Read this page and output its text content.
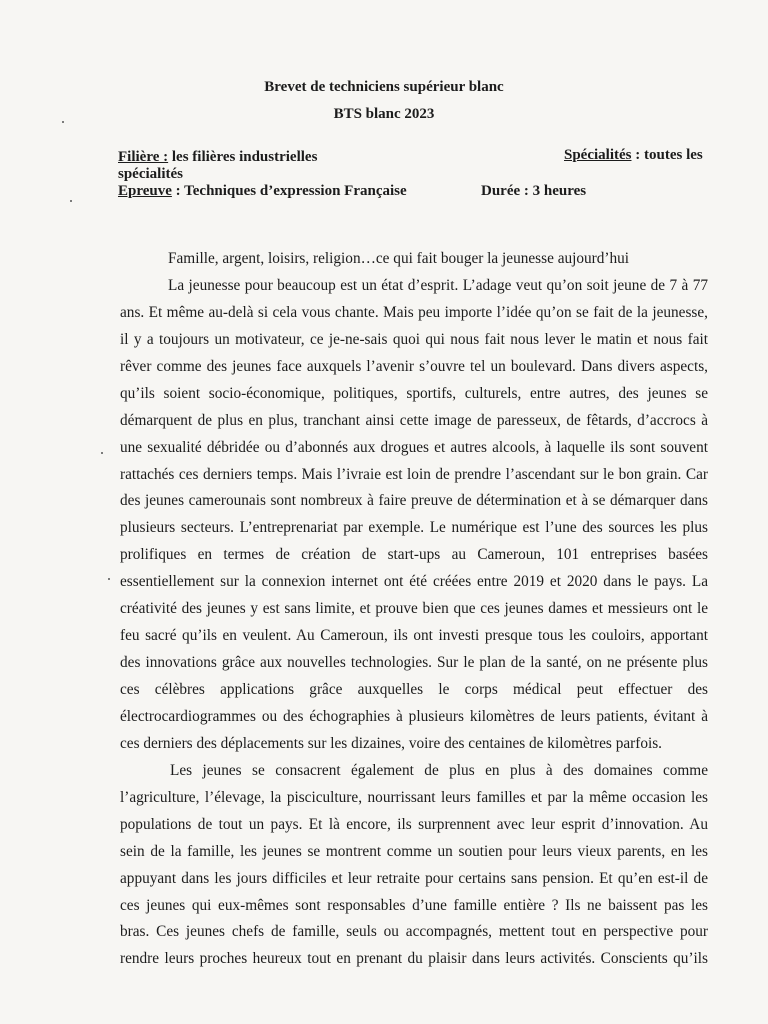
Brevet de techniciens supérieur blanc
BTS blanc 2023
Filière : les filières industrielles	Spécialités : toutes les
spécialités
Epreuve : Techniques d’expression Française	Durée : 3 heures
Famille, argent, loisirs, religion…ce qui fait bouger la jeunesse aujourd’hui
La jeunesse pour beaucoup est un état d’esprit. L’adage veut qu’on soit jeune de 7 à 77
ans. Et même au-delà si cela vous chante. Mais peu importe l’idée qu’on se fait de la jeunesse,
il y a toujours un motivateur, ce je-ne-sais quoi qui nous fait nous lever le matin et nous fait
rêver comme des jeunes face auxquels l’avenir s’ouvre tel un boulevard. Dans divers aspects,
qu’ils soient socio-économique, politiques, sportifs, culturels, entre autres, des jeunes se
démarquent de plus en plus, tranchant ainsi cette image de paresseux, de fêtards, d’accrocs à
une sexualité débridée ou d’abonnés aux drogues et autres alcools, à laquelle ils sont souvent
rattachés ces derniers temps. Mais l’ivraie est loin de prendre l’ascendant sur le bon grain. Car
des jeunes camerounais sont nombreux à faire preuve de détermination et à se démarquer dans
plusieurs secteurs. L’entreprenariat par exemple. Le numérique est l’une des sources les plus
prolifiques en termes de création de start-ups au Cameroun, 101 entreprises basées
essentiellement sur la connexion internet ont été créées entre 2019 et 2020 dans le pays. La
créativité des jeunes y est sans limite, et prouve bien que ces jeunes dames et messieurs ont le
feu sacré qu’ils en veulent. Au Cameroun, ils ont investi presque tous les couloirs, apportant
des innovations grâce aux nouvelles technologies. Sur le plan de la santé, on ne présente plus
ces célèbres applications grâce auxquelles le corps médical peut effectuer des
électrocardiogrammes ou des échographies à plusieurs kilomètres de leurs patients, évitant à
ces derniers des déplacements sur les dizaines, voire des centaines de kilomètres parfois.
Les jeunes se consacrent également de plus en plus à des domaines comme
l’agriculture, l’élevage, la pisciculture, nourrissant leurs familles et par la même occasion les
populations de tout un pays. Et là encore, ils surprennent avec leur esprit d’innovation. Au
sein de la famille, les jeunes se montrent comme un soutien pour leurs vieux parents, en les
appuyant dans les jours difficiles et leur retraite pour certains sans pension. Et qu’en est-il de
ces jeunes qui eux-mêmes sont responsables d’une famille entière ? Ils ne baissent pas les
bras. Ces jeunes chefs de famille, seuls ou accompagnés, mettent tout en perspective pour
rendre leurs proches heureux tout en prenant du plaisir dans leurs activités. Conscients qu’ils
